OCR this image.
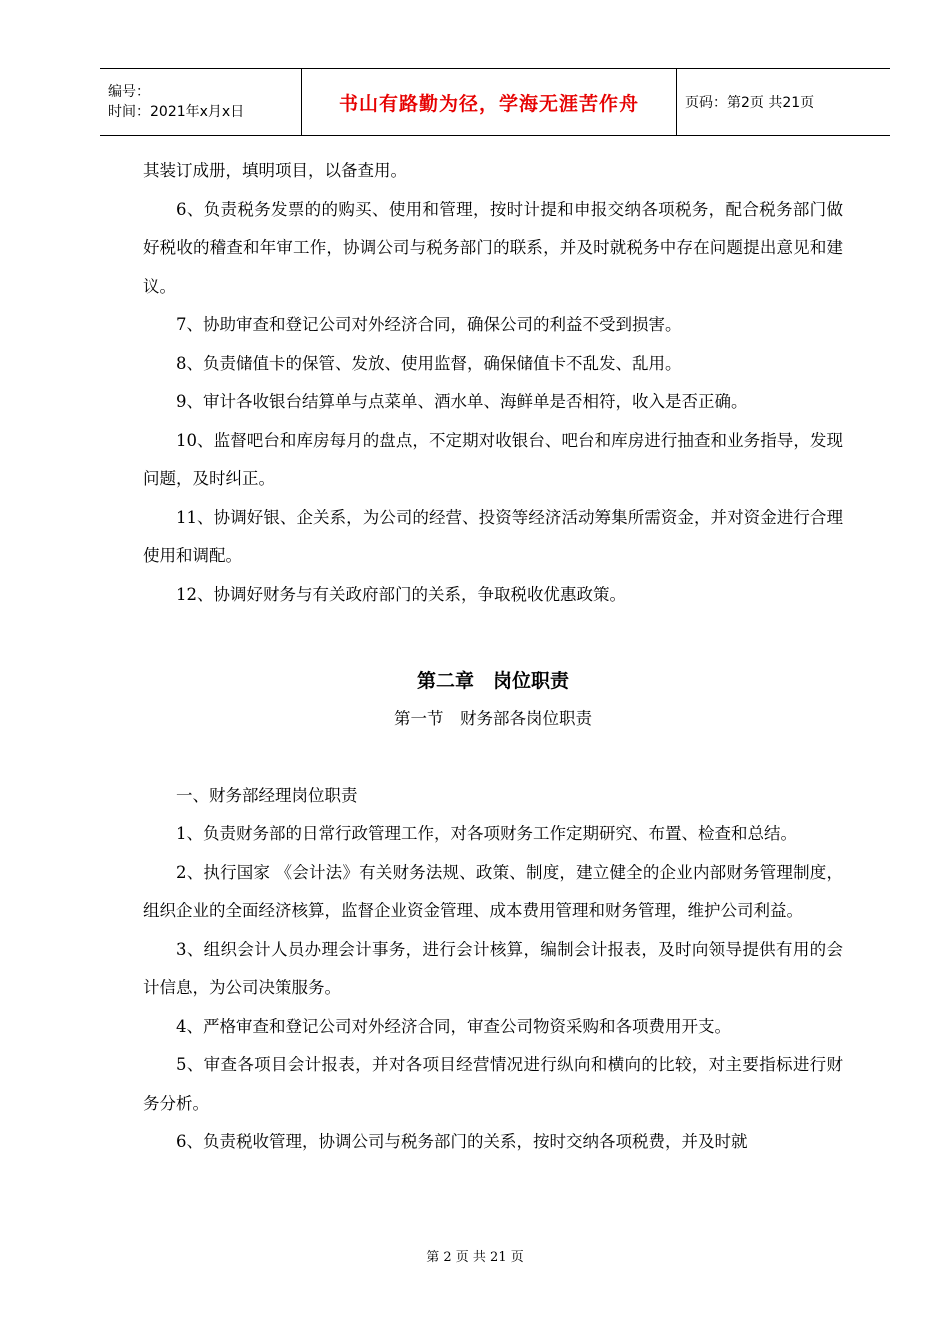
编号：
时间：2021年x月x日	书山有路勤为径，学海无涯苦作舟	页码：第2页 共21页

其装订成册，填明项目，以备查用。

6、负责税务发票的的购买、使用和管理，按时计提和申报交纳各项税务，配合税务部门做好税收的稽查和年审工作，协调公司与税务部门的联系，并及时就税务中存在问题提出意见和建议。

7、协助审查和登记公司对外经济合同，确保公司的利益不受到损害。

8、负责储值卡的保管、发放、使用监督，确保储值卡不乱发、乱用。

9、审计各收银台结算单与点菜单、酒水单、海鲜单是否相符，收入是否正确。

10、监督吧台和库房每月的盘点，不定期对收银台、吧台和库房进行抽查和业务指导，发现问题，及时纠正。

11、协调好银、企关系，为公司的经营、投资等经济活动筹集所需资金，并对资金进行合理使用和调配。

12、协调好财务与有关政府部门的关系，争取税收优惠政策。

第二章　岗位职责

第一节　财务部各岗位职责

一、财务部经理岗位职责

1、负责财务部的日常行政管理工作，对各项财务工作定期研究、布置、检查和总结。

2、执行国家 《会计法》有关财务法规、政策、制度，建立健全的企业内部财务管理制度，组织企业的全面经济核算，监督企业资金管理、成本费用管理和财务管理，维护公司利益。

3、组织会计人员办理会计事务，进行会计核算，编制会计报表，及时向领导提供有用的会计信息，为公司决策服务。

4、严格审查和登记公司对外经济合同，审查公司物资采购和各项费用开支。

5、审查各项目会计报表，并对各项目经营情况进行纵向和横向的比较，对主要指标进行财务分析。

6、负责税收管理，协调公司与税务部门的关系，按时交纳各项税费，并及时就

第 2 页 共 21 页
